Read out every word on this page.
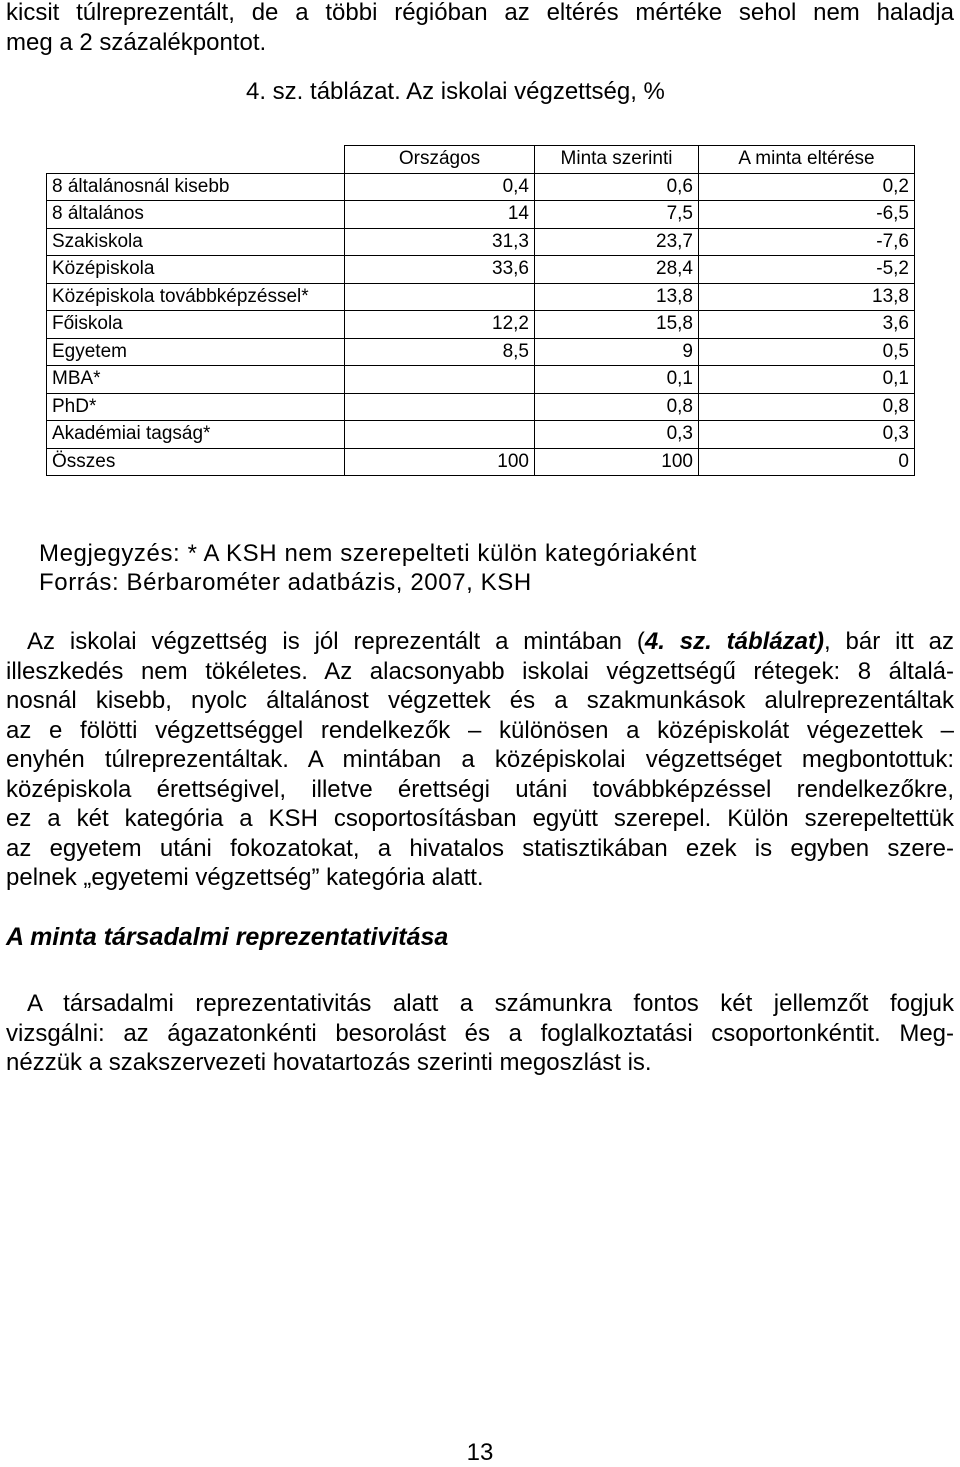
kicsit túlreprezentált, de a többi régióban az eltérés mértéke sehol nem haladja
meg a 2 százalékpontot.
4. sz. táblázat. Az iskolai végzettség, %
	Országos	Minta szerinti	A minta eltérése
8 általánosnál kisebb	0,4	0,6	0,2
8 általános	14	7,5	-6,5
Szakiskola	31,3	23,7	-7,6
Középiskola	33,6	28,4	-5,2
Középiskola továbbképzéssel*		13,8	13,8
Főiskola	12,2	15,8	3,6
Egyetem	8,5	9	0,5
MBA*		0,1	0,1
PhD*		0,8	0,8
Akadémiai tagság*		0,3	0,3
Összes	100	100	0
Megjegyzés: * A KSH nem szerepelteti külön kategóriaként
Forrás: Bérbarométer adatbázis, 2007, KSH
Az iskolai végzettség is jól reprezentált a mintában (4. sz. táblázat), bár itt az
illeszkedés nem tökéletes. Az alacsonyabb iskolai végzettségű rétegek: 8 általá-
nosnál kisebb, nyolc általánost végzettek és a szakmunkások alulreprezentáltak
az e fölötti végzettséggel rendelkezők – különösen a középiskolát végezettek –
enyhén túlreprezentáltak. A mintában a középiskolai végzettséget megbontottuk:
középiskola érettségivel, illetve érettségi utáni továbbképzéssel rendelkezőkre,
ez a két kategória a KSH csoportosításban együtt szerepel. Külön szerepeltettük
az egyetem utáni fokozatokat, a hivatalos statisztikában ezek is egyben szere-
pelnek „egyetemi végzettség” kategória alatt.
A minta társadalmi reprezentativitása
A társadalmi reprezentativitás alatt a számunkra fontos két jellemzőt fogjuk
vizsgálni: az ágazatonkénti besorolást és a foglalkoztatási csoportonkéntit. Meg-
nézzük a szakszervezeti hovatartozás szerinti megoszlást is.
13
